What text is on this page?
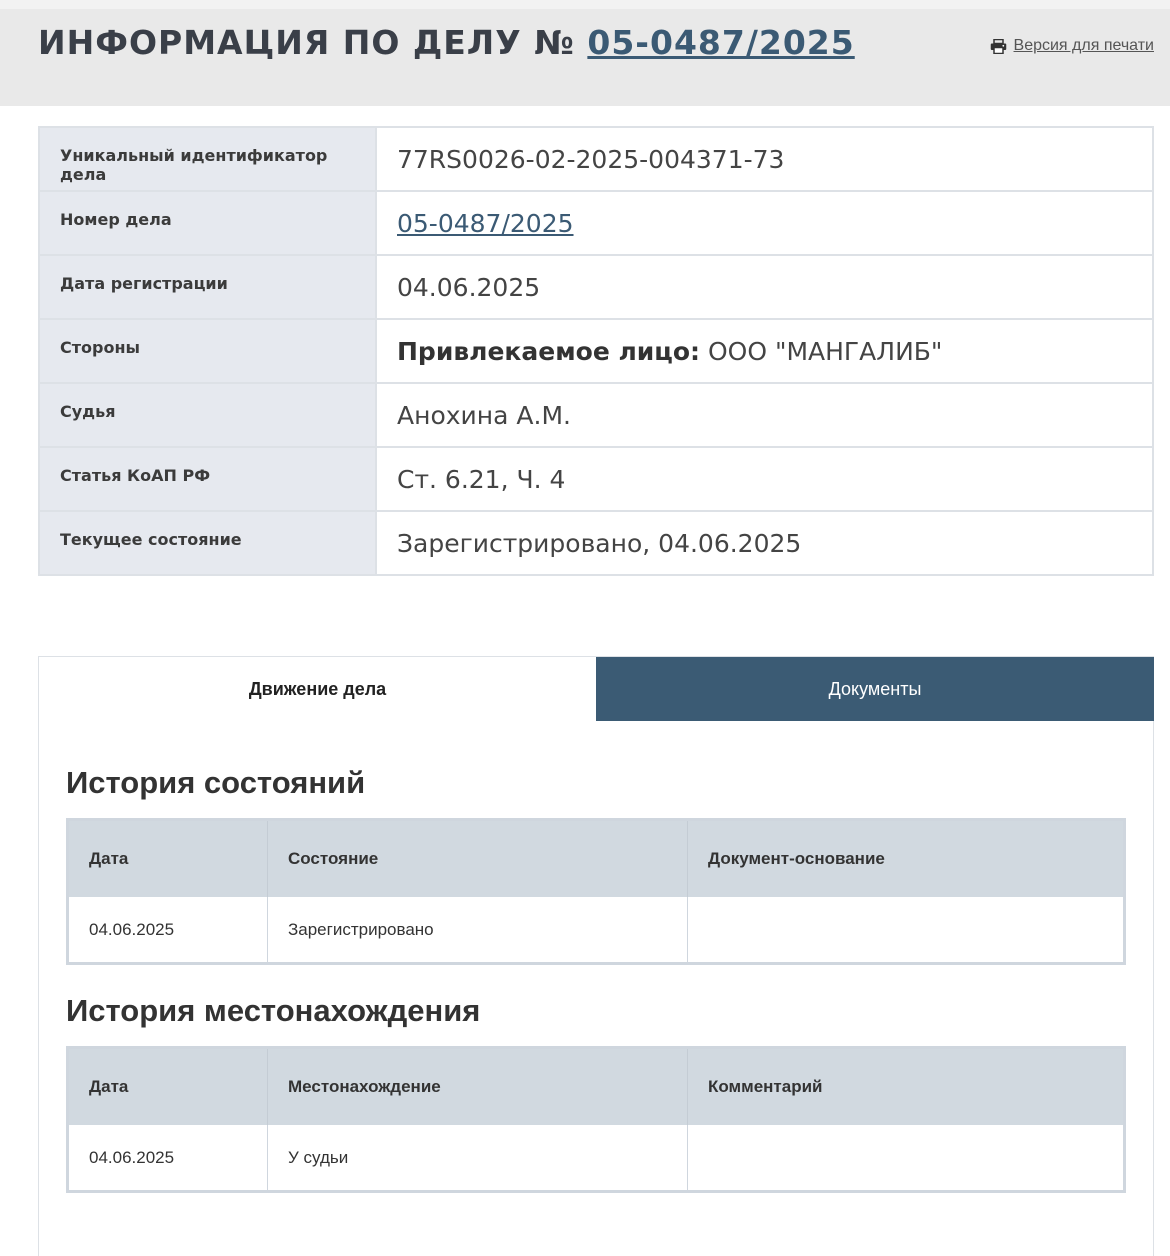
ИНФОРМАЦИЯ ПО ДЕЛУ № 05-0487/2025	Версия для печати
Уникальный идентификатор дела	77RS0026-02-2025-004371-73
Номер дела	05-0487/2025
Дата регистрации	04.06.2025
Стороны	Привлекаемое лицо: ООО "МАНГАЛИБ"
Судья	Анохина А.М.
Статья КоАП РФ	Ст. 6.21, Ч. 4
Текущее состояние	Зарегистрировано, 04.06.2025
Движение дела	Документы
История состояний
Дата	Состояние	Документ-основание
04.06.2025	Зарегистрировано	
История местонахождения
Дата	Местонахождение	Комментарий
04.06.2025	У судьи	
